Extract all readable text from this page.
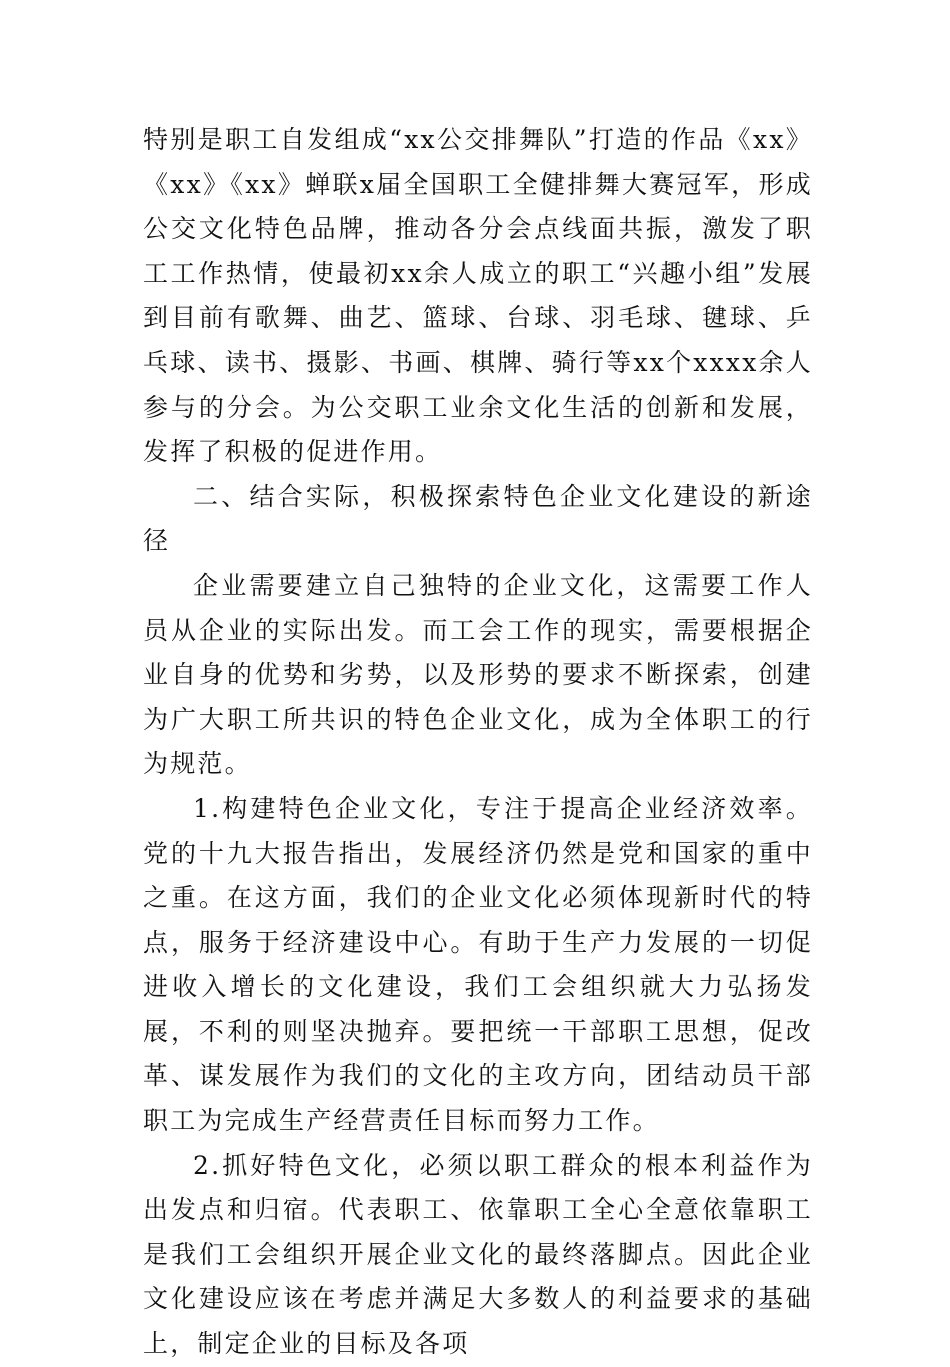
特别是职工自发组成“xx公交排舞队”打造的作品《xx》《xx》《xx》蝉联x届全国职工全健排舞大赛冠军，形成公交文化特色品牌，推动各分会点线面共振，激发了职工工作热情，使最初xx余人成立的职工“兴趣小组”发展到目前有歌舞、曲艺、篮球、台球、羽毛球、毽球、乒乓球、读书、摄影、书画、棋牌、骑行等xx个xxxx余人参与的分会。为公交职工业余文化生活的创新和发展，发挥了积极的促进作用。

二、结合实际，积极探索特色企业文化建设的新途径

企业需要建立自己独特的企业文化，这需要工作人员从企业的实际出发。而工会工作的现实，需要根据企业自身的优势和劣势，以及形势的要求不断探索，创建为广大职工所共识的特色企业文化，成为全体职工的行为规范。

1.构建特色企业文化，专注于提高企业经济效率。党的十九大报告指出，发展经济仍然是党和国家的重中之重。在这方面，我们的企业文化必须体现新时代的特点，服务于经济建设中心。有助于生产力发展的一切促进收入增长的文化建设，我们工会组织就大力弘扬发展，不利的则坚决抛弃。要把统一干部职工思想，促改革、谋发展作为我们的文化的主攻方向，团结动员干部职工为完成生产经营责任目标而努力工作。

2.抓好特色文化，必须以职工群众的根本利益作为出发点和归宿。代表职工、依靠职工全心全意依靠职工是我们工会组织开展企业文化的最终落脚点。因此企业文化建设应该在考虑并满足大多数人的利益要求的基础上，制定企业的目标及各项
